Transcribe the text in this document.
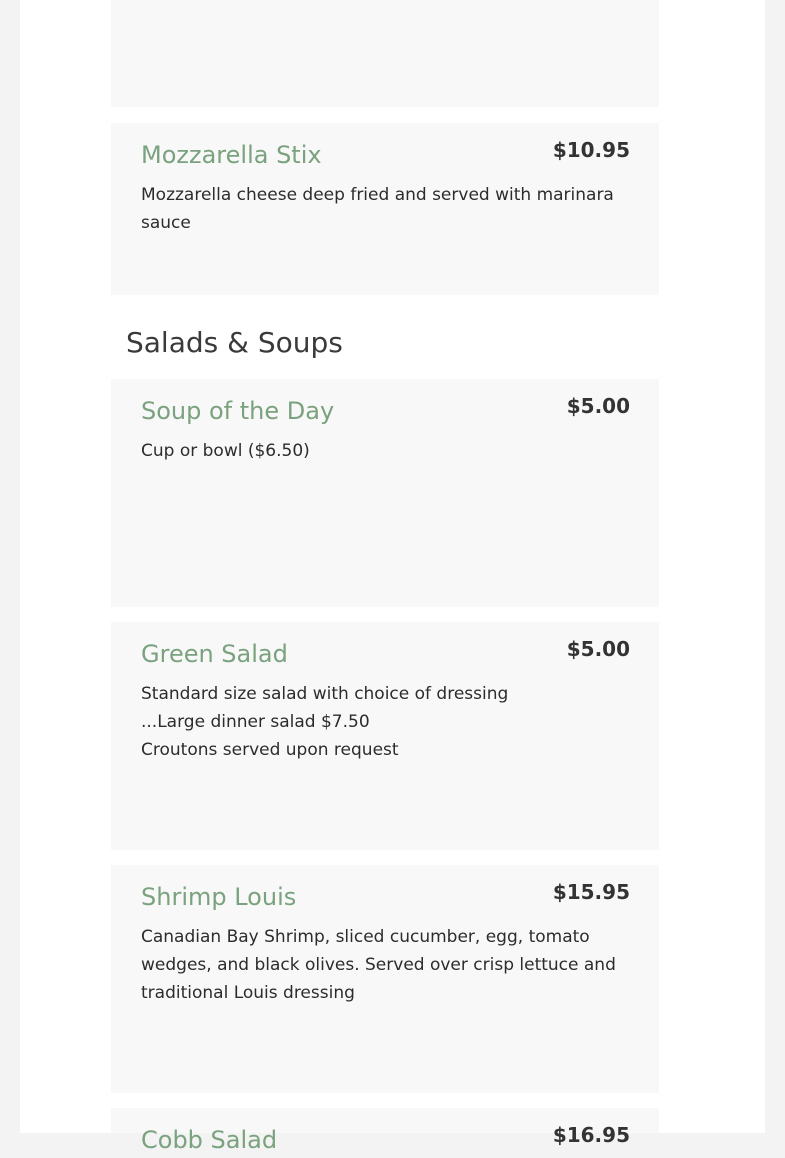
Mozzarella Stix	$10.95
Mozzarella cheese deep fried and served with marinara
sauce
Salads & Soups
Soup of the Day	$5.00
Cup or bowl ($6.50)
Green Salad	$5.00
Standard size salad with choice of dressing
...Large dinner salad $7.50
Croutons served upon request
Shrimp Louis	$15.95
Canadian Bay Shrimp, sliced cucumber, egg, tomato
wedges, and black olives. Served over crisp lettuce and
traditional Louis dressing
Cobb Salad	$16.95
